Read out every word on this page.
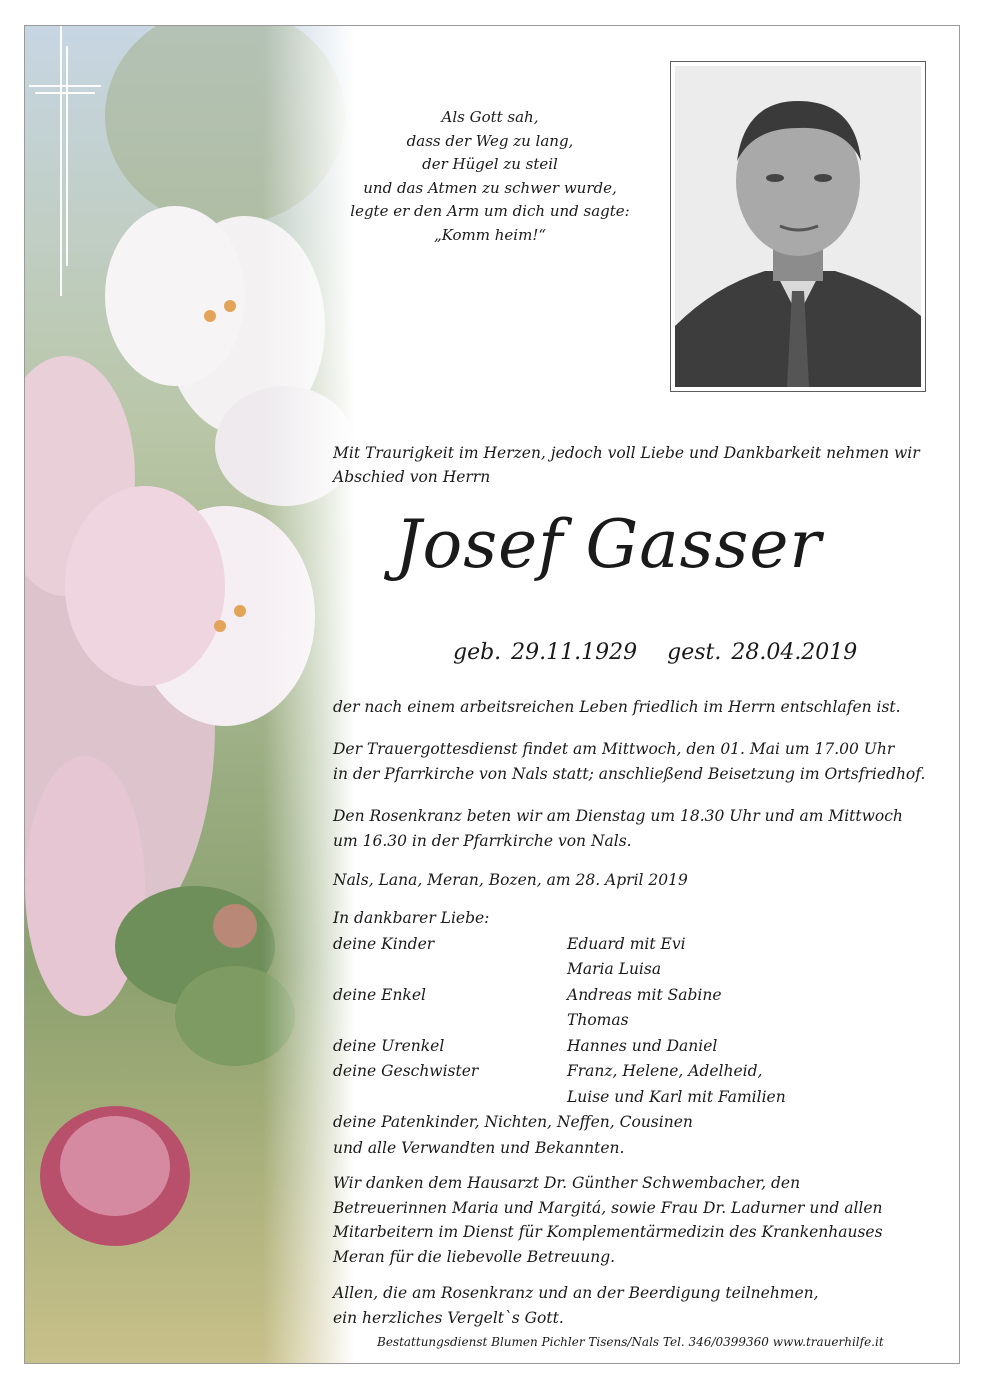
Als Gott sah,
dass der Weg zu lang,
der Hügel zu steil
und das Atmen zu schwer wurde,
legte er den Arm um dich und sagte:
„Komm heim!“
Mit Traurigkeit im Herzen, jedoch voll Liebe und Dankbarkeit nehmen wir
Abschied von Herrn
Josef Gasser
geb. 29.11.1929   gest. 28.04.2019
der nach einem arbeitsreichen Leben friedlich im Herrn entschlafen ist.
Der Trauergottesdienst findet am Mittwoch, den 01. Mai um 17.00 Uhr
in der Pfarrkirche von Nals statt; anschließend Beisetzung im Ortsfriedhof.
Den Rosenkranz beten wir am Dienstag um 18.30 Uhr und am Mittwoch
um 16.30 in der Pfarrkirche von Nals.
Nals, Lana, Meran, Bozen, am 28. April 2019
In dankbarer Liebe:
deine Kinder	Eduard mit Evi
Maria Luisa
deine Enkel	Andreas mit Sabine
Thomas
deine Urenkel	Hannes und Daniel
deine Geschwister	Franz, Helene, Adelheid,
Luise und Karl mit Familien
deine Patenkinder, Nichten, Neffen, Cousinen
und alle Verwandten und Bekannten.
Wir danken dem Hausarzt Dr. Günther Schwembacher, den
Betreuerinnen Maria und Margitá, sowie Frau Dr. Ladurner und allen
Mitarbeitern im Dienst für Komplementärmedizin des Krankenhauses
Meran für die liebevolle Betreuung.
Allen, die am Rosenkranz und an der Beerdigung teilnehmen,
ein herzliches Vergelt`s Gott.
Bestattungsdienst Blumen Pichler Tisens/Nals Tel. 346/0399360 www.trauerhilfe.it
